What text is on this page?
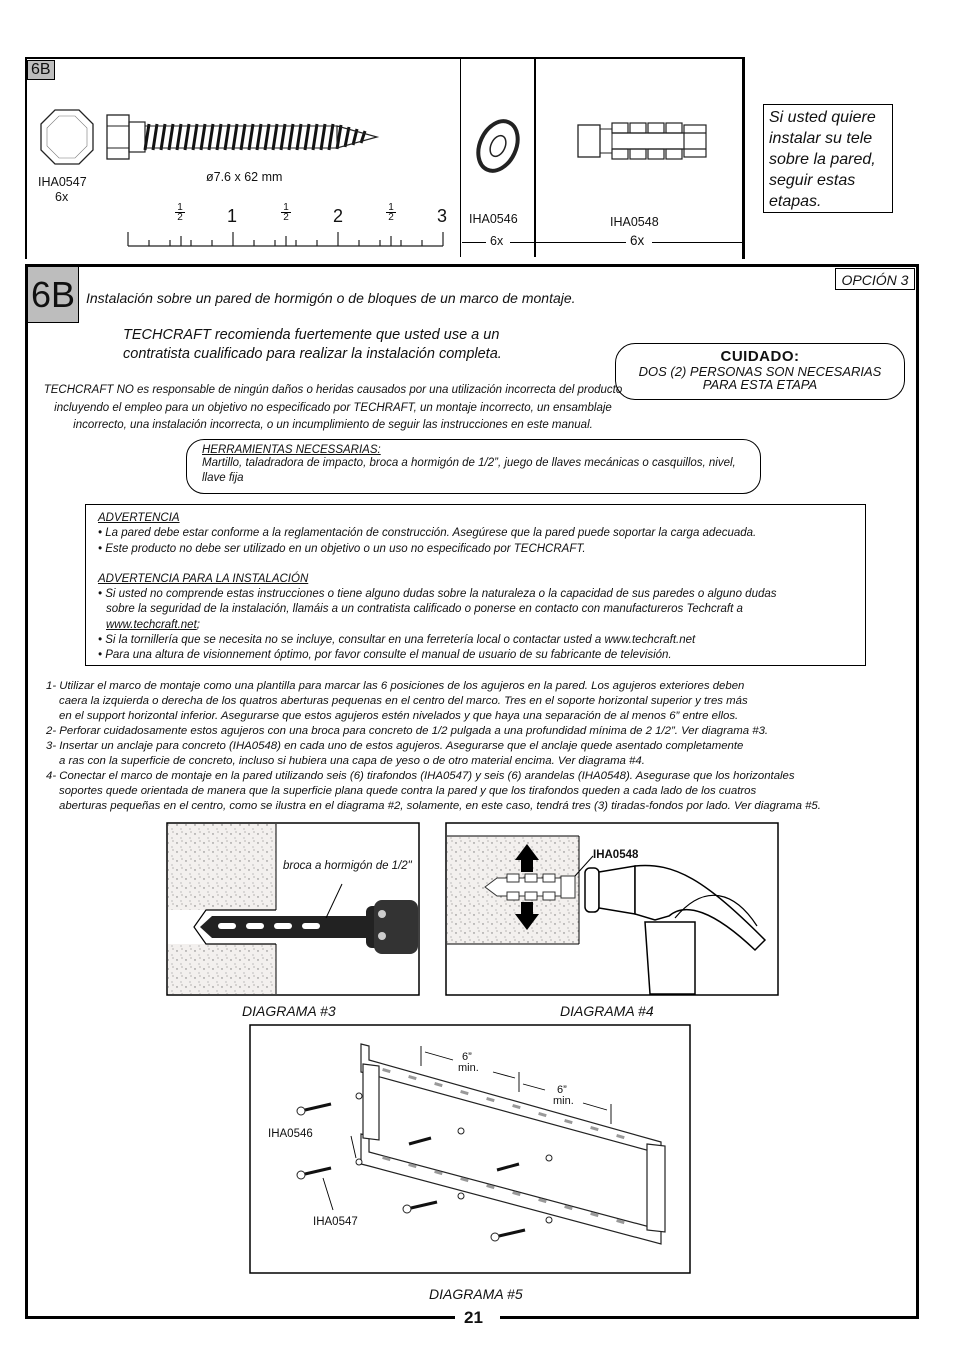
6B
IHA0547
6x
ø7.6 x 62 mm
$\frac{1}{2} 1$	$\frac{1}{2} 2$	$\frac{1}{2} 3$ IHA0546
6x
IHA0548
6x
Si usted quiere instalar su tele sobre la pared, seguir estas etapas.
21
6B	OPCIÓN 3
Instalación sobre un pared de hormigón o de bloques de un marco de montaje.
TECHCRAFT recomienda fuertemente que usted use a un contratista cualificado para realizar la instalación completa.
TECHCRAFT NO es responsable de ningún daños o heridas causados por una utilización incorrecta del producto incluyendo el empleo para un objetivo no especificado por TECHRAFT, un montaje incorrecto, un ensamblaje incorrecto, una instalación incorrecta, o un incumplimiento de seguir las instrucciones en este manual.
CUIDADO:
DOS (2) PERSONAS SON NECESARIAS PARA ESTA ETAPA
HERRAMIENTAS NECESSARIAS:
Martillo, taladradora de impacto, broca a hormigón de 1/2”, juego de llaves mecánicas o casquillos, nivel, llave fija
ADVERTENCIA
• La pared debe estar conforme a la reglamentación de construcción. Asegúrese que la pared puede soportar la carga adecuada.
• Este producto no debe ser utilizado en un objetivo o un uso no especificado por TECHCRAFT.
ADVERTENCIA PARA LA INSTALACIÓN
• Si usted no comprende estas instrucciones o tiene alguno dudas sobre la naturaleza o la capacidad de sus paredes o alguno dudas
sobre la seguridad de la instalación, llamáis a un contratista calificado o ponerse en contacto con manufactureros Techcraft a
www.techcraft.net;
• Si la tornillería que se necesita no se incluye, consultar en una ferretería local o contactar usted a www.techcraft.net
• Para una altura de visionnement óptimo, por favor consulte el manual de usuario de su fabricante de televisión.
1- Utilizar el marco de montaje como una plantilla para marcar las 6 posiciones de los agujeros en la pared. Los agujeros exteriores deben
caera la izquierda o derecha de los quatros aberturas pequenas en el centro del marco. Tres en el soporte horizontal superior y tres más
en el support horizontal inferior. Asegurarse que estos agujeros estén nivelados y que haya una separación de al menos 6” entre ellos.
2- Perforar cuidadosamente estos agujeros con una broca para concreto de 1/2 pulgada a una profundidad mínima de 2 1/2”. Ver diagrama #3.
3- Insertar un anclaje para concreto (IHA0548) en cada uno de estos agujeros. Asegurarse que el anclaje quede asentado completamente
a ras con la superficie de concreto, incluso si hubiera una capa de yeso o de otro material encima. Ver diagrama #4.
4- Conectar el marco de montaje en la pared utilizando seis (6) tirafondos (IHA0547) y seis (6) arandelas (IHA0548). Asegurase que los horizontales
soportes quede orientada de manera que la superficie plana quede contra la pared y que los tirafondos queden a cada lado de los cuatros
aberturas pequeñas en el centro, como se ilustra en el diagrama #2, solamente, en este caso, tendrá tres (3) tiradas-fondos por lado. Ver diagrama #5.
broca a hormigón de 1/2"
DIAGRAMA #3
IHA0548
DIAGRAMA #4
6”
min.
6”
min.
IHA0546
IHA0547
DIAGRAMA #5
